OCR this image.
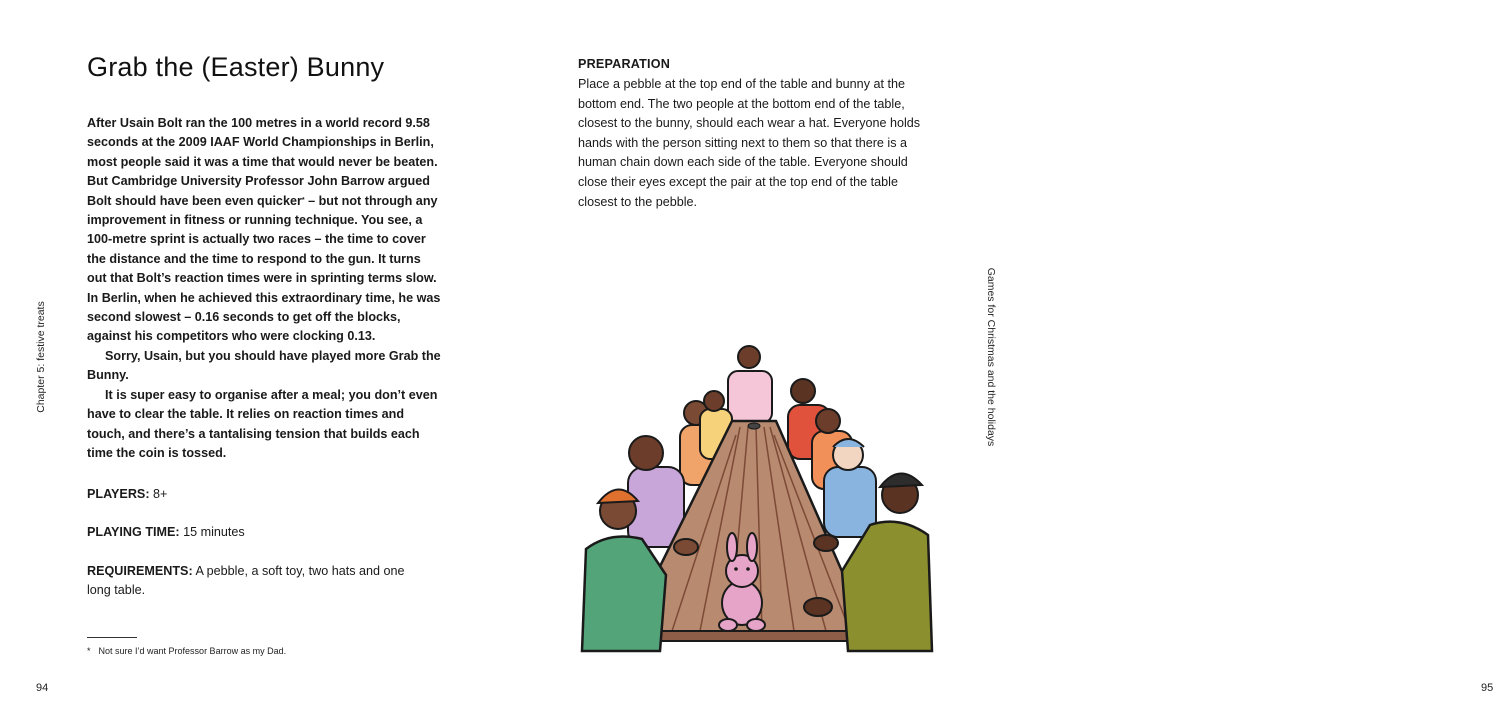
Grab the (Easter) Bunny

After Usain Bolt ran the 100 metres in a world record 9.58 seconds at the 2009 IAAF World Championships in Berlin, most people said it was a time that would never be beaten. But Cambridge University Professor John Barrow argued Bolt should have been even quicker* – but not through any improvement in fitness or running technique. You see, a 100-metre sprint is actually two races – the time to cover the distance and the time to respond to the gun. It turns out that Bolt’s reaction times were in sprinting terms slow. In Berlin, when he achieved this extraordinary time, he was second slowest – 0.16 seconds to get off the blocks, against his competitors who were clocking 0.13.

Sorry, Usain, but you should have played more Grab the Bunny.

It is super easy to organise after a meal; you don’t even have to clear the table. It relies on reaction times and touch, and there’s a tantalising tension that builds each time the coin is tossed.

PLAYERS: 8+
PLAYING TIME: 15 minutes
REQUIREMENTS: A pebble, a soft toy, two hats and one long table.
* Not sure I’d want Professor Barrow as my Dad.
Chapter 5: festive treats
94	95
PREPARATION

Place a pebble at the top end of the table and bunny at the bottom end. The two people at the bottom end of the table, closest to the bunny, should each wear a hat. Everyone holds hands with the person sitting next to them so that there is a human chain down each side of the table. Everyone should close their eyes except the pair at the top end of the table closest to the pebble.

Games for Christmas and the holidays
